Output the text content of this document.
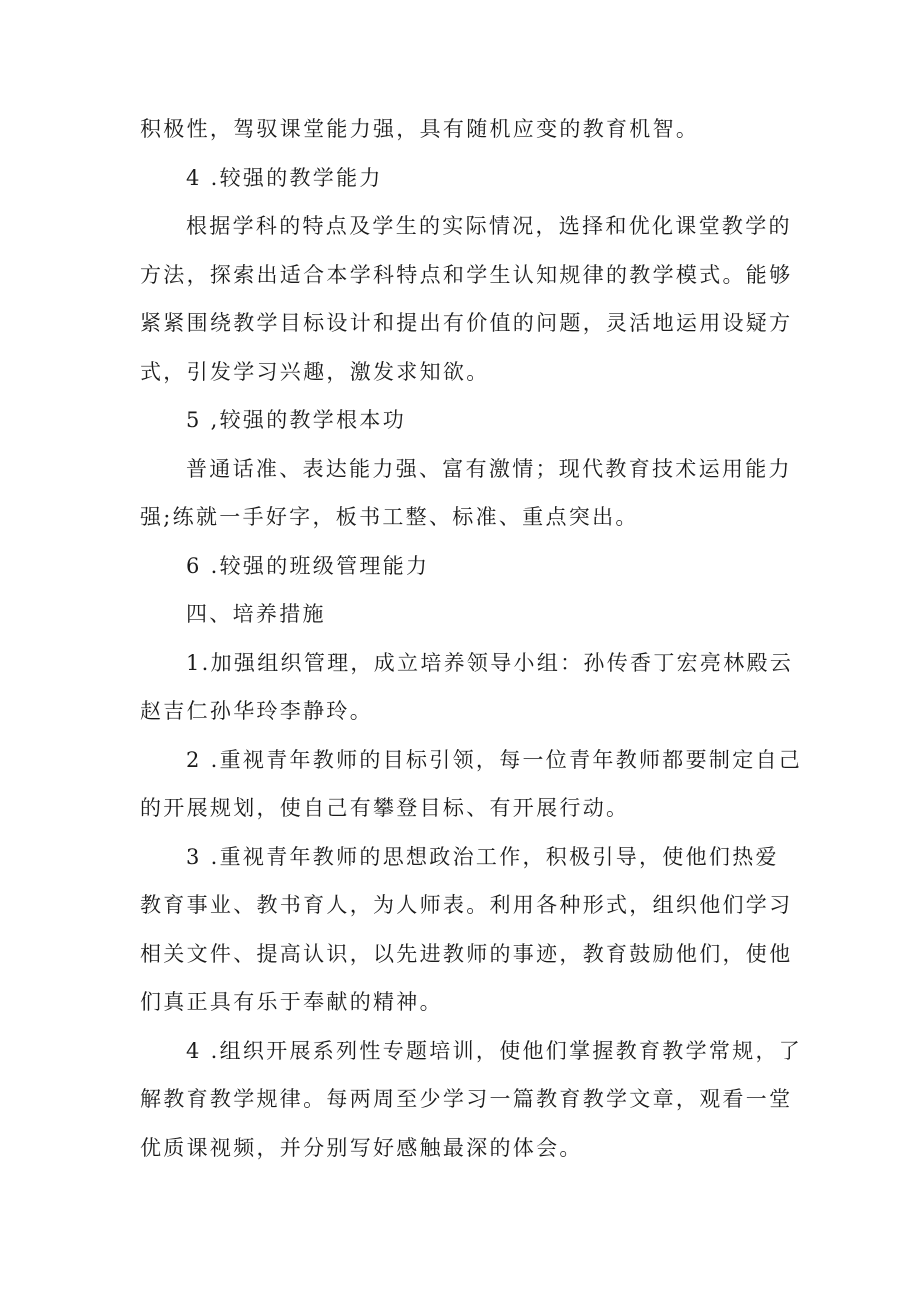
积极性，驾驭课堂能力强，具有随机应变的教育机智。
4 .较强的教学能力
根据学科的特点及学生的实际情况，选择和优化课堂教学的
方法，探索出适合本学科特点和学生认知规律的教学模式。能够
紧紧围绕教学目标设计和提出有价值的问题，灵活地运用设疑方
式，引发学习兴趣，激发求知欲。
5 ,较强的教学根本功
普通话准、表达能力强、富有激情；现代教育技术运用能力
强;练就一手好字，板书工整、标准、重点突出。
6 .较强的班级管理能力
四、培养措施
1.加强组织管理，成立培养领导小组：孙传香丁宏亮林殿云
赵吉仁孙华玲李静玲。
2 .重视青年教师的目标引领，每一位青年教师都要制定自己
的开展规划，使自己有攀登目标、有开展行动。
3 .重视青年教师的思想政治工作，积极引导，使他们热爱
教育事业、教书育人，为人师表。利用各种形式，组织他们学习
相关文件、提高认识，以先进教师的事迹，教育鼓励他们，使他
们真正具有乐于奉献的精神。
4 .组织开展系列性专题培训，使他们掌握教育教学常规，了
解教育教学规律。每两周至少学习一篇教育教学文章，观看一堂
优质课视频，并分别写好感触最深的体会。
